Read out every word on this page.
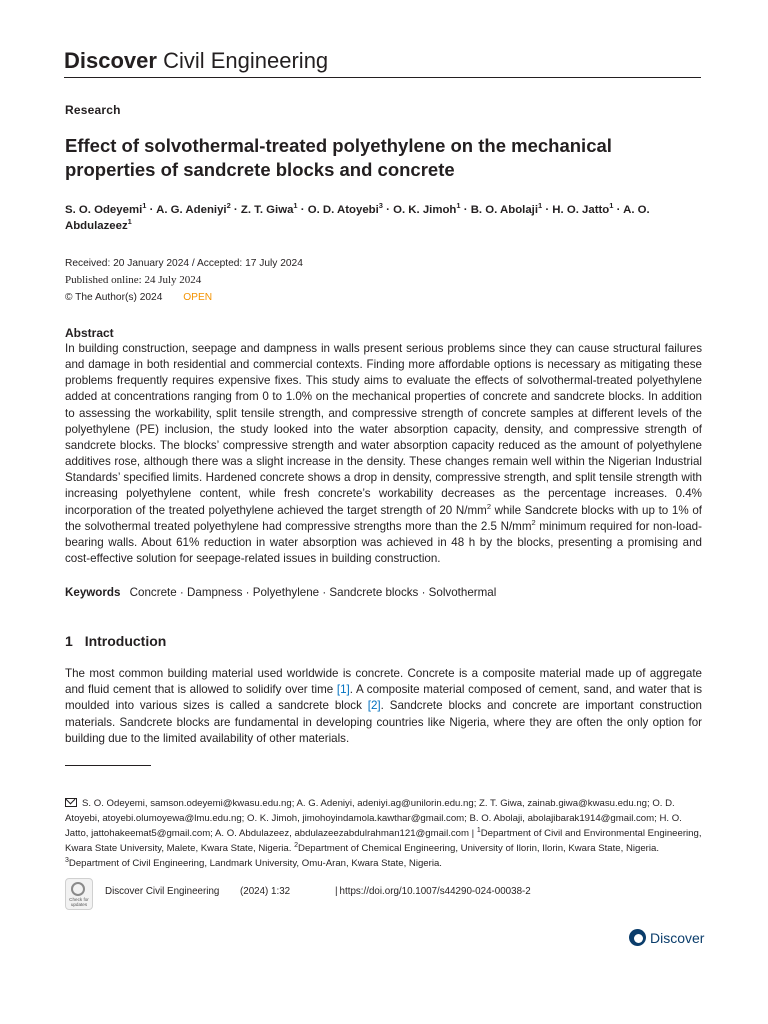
Discover Civil Engineering
Research
Effect of solvothermal-treated polyethylene on the mechanical properties of sandcrete blocks and concrete
S. O. Odeyemi$^1$ · A. G. Adeniyi$^2$ · Z. T. Giwa$^1$ · O. D. Atoyebi$^3$ · O. K. Jimoh$^1$ · B. O. Abolaji$^1$ · H. O. Jatto$^1$ · A. O. Abdulazeez$^1$
Received: 20 January 2024 / Accepted: 17 July 2024
Published online: 24 July 2024
© The Author(s) 2024 OPEN
Abstract

In building construction, seepage and dampness in walls present serious problems since they can cause structural failures and damage in both residential and commercial contexts. Finding more affordable options is necessary as mitigating these problems frequently requires expensive fixes. This study aims to evaluate the effects of solvothermal-treated polyethylene added at concentrations ranging from 0 to 1.0% on the mechanical properties of concrete and sandcrete blocks. In addition to assessing the workability, split tensile strength, and compressive strength of concrete samples at different levels of the polyethylene (PE) inclusion, the study looked into the water absorption capacity, density, and compressive strength of sandcrete blocks. The blocks’ compressive strength and water absorption capacity reduced as the amount of polyethylene additives rose, although there was a slight increase in the density. These changes remain well within the Nigerian Industrial Standards’ specified limits. Hardened concrete shows a drop in density, compressive strength, and split tensile strength with increasing polyethylene content, while fresh concrete’s workability decreases as the percentage increases. 0.4% incorporation of the treated polyethylene achieved the target strength of 20 $N/mm^2$ while Sandcrete blocks with up to 1% of the solvothermal treated polyethylene had compressive strengths more than the 2.5 $N/mm^2$ minimum required for non-load-bearing walls. About 61% reduction in water absorption was achieved in 48 h by the blocks, presenting a promising and cost-effective solution for seepage-related issues in building construction.

Keywords Concrete · Dampness · Polyethylene · Sandcrete blocks · Solvothermal
1 Introduction

The most common building material used worldwide is concrete. Concrete is a composite material made up of aggregate and fluid cement that is allowed to solidify over time [1]. A composite material composed of cement, sand, and water that is moulded into various sizes is called a sandcrete block [2]. Sandcrete blocks and concrete are important construction materials. Sandcrete blocks are fundamental in developing countries like Nigeria, where they are often the only option for building due to the limited availability of other materials.

S. O. Odeyemi, samson.odeyemi@kwasu.edu.ng; A. G. Adeniyi, adeniyi.ag@unilorin.edu.ng; Z. T. Giwa, zainab.giwa@kwasu.edu.ng; O. D. Atoyebi, atoyebi.olumoyewa@lmu.edu.ng; O. K. Jimoh, jimohoyindamola.kawthar@gmail.com; B. O. Abolaji, abolajibarak1914@gmail.com; H. O. Jatto, jattohakeemat5@gmail.com; A. O. Abdulazeez, abdulazeezabdulrahman121@gmail.com | $^1$Department of Civil and Environmental Engineering, Kwara State University, Malete, Kwara State, Nigeria. $^2$Department of Chemical Engineering, University of Ilorin, Ilorin, Kwara State, Nigeria. $^3$Department of Civil Engineering, Landmark University, Omu-Aran, Kwara State, Nigeria.
Check for updates
Discover Civil Engineering (2024) 1:32	| https://doi.org/10.1007/s44290-024-00038-2
Discover
